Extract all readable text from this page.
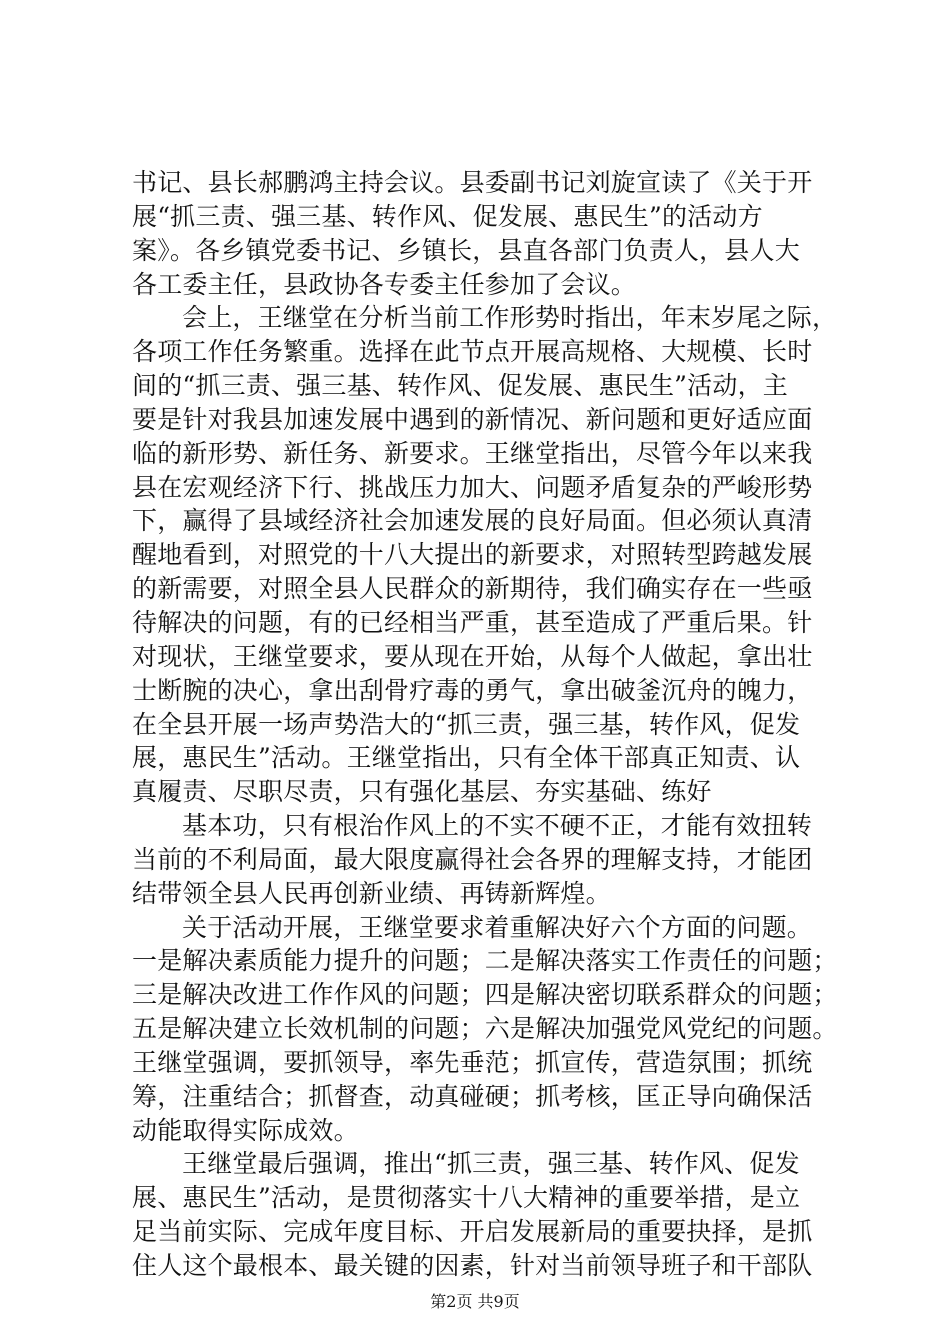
书记、县长郝鹏鸿主持会议。县委副书记刘旋宣读了《关于开
展“抓三责、强三基、转作风、促发展、惠民生”的活动方
案》。各乡镇党委书记、乡镇长，县直各部门负责人，县人大
各工委主任，县政协各专委主任参加了会议。
会上，王继堂在分析当前工作形势时指出，年末岁尾之际，
各项工作任务繁重。选择在此节点开展高规格、大规模、长时
间的“抓三责、强三基、转作风、促发展、惠民生”活动，主
要是针对我县加速发展中遇到的新情况、新问题和更好适应面
临的新形势、新任务、新要求。王继堂指出，尽管今年以来我
县在宏观经济下行、挑战压力加大、问题矛盾复杂的严峻形势
下，赢得了县域经济社会加速发展的良好局面。但必须认真清
醒地看到，对照党的十八大提出的新要求，对照转型跨越发展
的新需要，对照全县人民群众的新期待，我们确实存在一些亟
待解决的问题，有的已经相当严重，甚至造成了严重后果。针
对现状，王继堂要求，要从现在开始，从每个人做起，拿出壮
士断腕的决心，拿出刮骨疗毒的勇气，拿出破釜沉舟的魄力，
在全县开展一场声势浩大的“抓三责，强三基，转作风，促发
展，惠民生”活动。王继堂指出，只有全体干部真正知责、认
真履责、尽职尽责，只有强化基层、夯实基础、练好
基本功，只有根治作风上的不实不硬不正，才能有效扭转
当前的不利局面，最大限度赢得社会各界的理解支持，才能团
结带领全县人民再创新业绩、再铸新辉煌。
关于活动开展，王继堂要求着重解决好六个方面的问题。
一是解决素质能力提升的问题；二是解决落实工作责任的问题；
三是解决改进工作作风的问题；四是解决密切联系群众的问题；
五是解决建立长效机制的问题；六是解决加强党风党纪的问题。
王继堂强调，要抓领导，率先垂范；抓宣传，营造氛围；抓统
筹，注重结合；抓督查，动真碰硬；抓考核，匡正导向确保活
动能取得实际成效。
王继堂最后强调，推出“抓三责，强三基、转作风、促发
展、惠民生”活动，是贯彻落实十八大精神的重要举措，是立
足当前实际、完成年度目标、开启发展新局的重要抉择，是抓
住人这个最根本、最关键的因素，针对当前领导班子和干部队
第2页 共9页
